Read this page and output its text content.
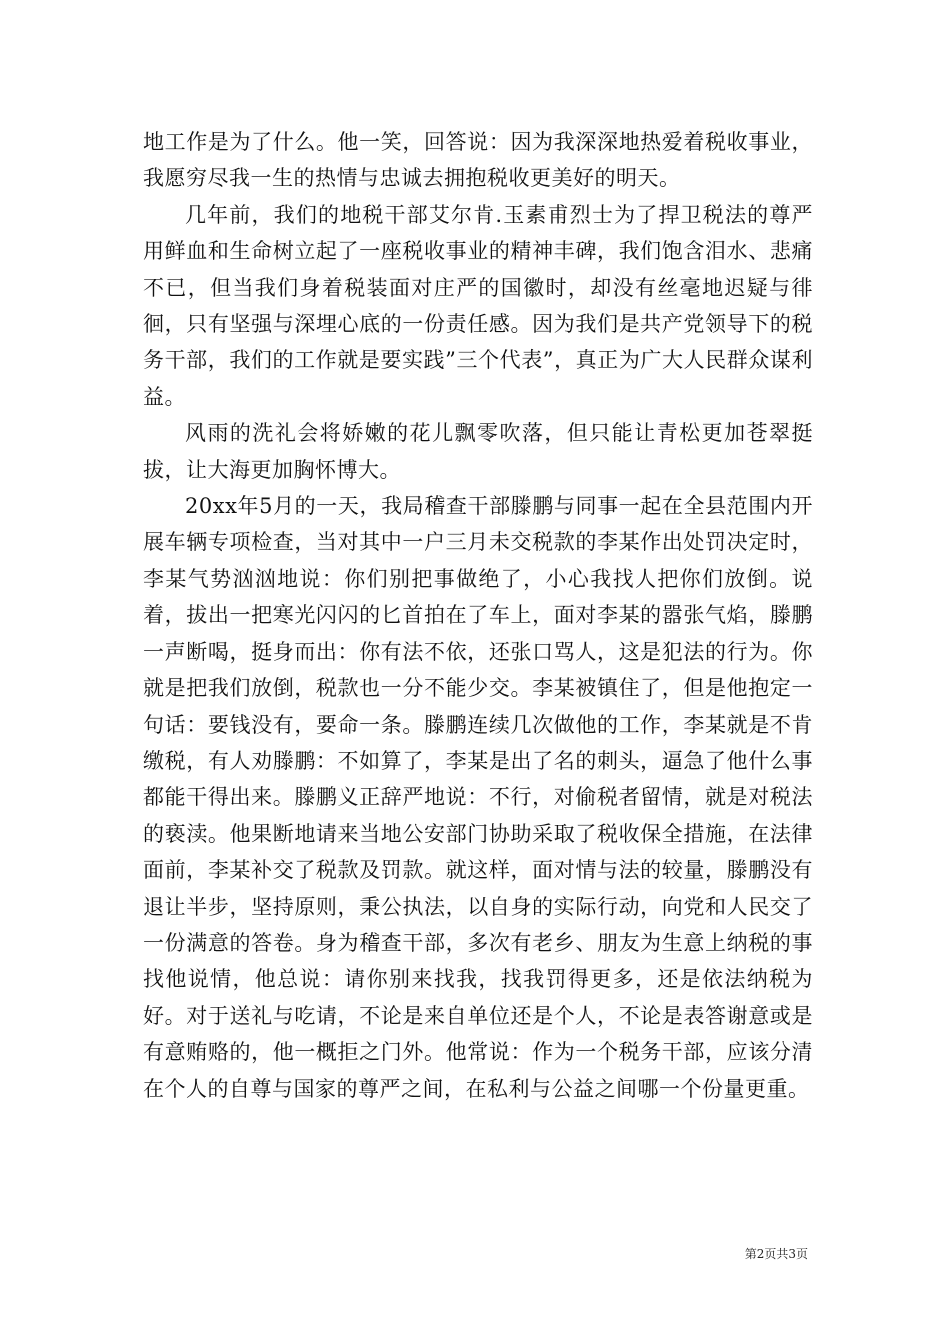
地工作是为了什么。他一笑，回答说：因为我深深地热爱着税收事业，我愿穷尽我一生的热情与忠诚去拥抱税收更美好的明天。

几年前，我们的地税干部艾尔肯.玉素甫烈士为了捍卫税法的尊严用鲜血和生命树立起了一座税收事业的精神丰碑，我们饱含泪水、悲痛不已，但当我们身着税装面对庄严的国徽时，却没有丝毫地迟疑与徘徊，只有坚强与深埋心底的一份责任感。因为我们是共产党领导下的税务干部，我们的工作就是要实践”三个代表”，真正为广大人民群众谋利益。

风雨的洗礼会将娇嫩的花儿飘零吹落，但只能让青松更加苍翠挺拔，让大海更加胸怀博大。

20xx年5月的一天，我局稽查干部滕鹏与同事一起在全县范围内开展车辆专项检查，当对其中一户三月未交税款的李某作出处罚决定时，李某气势汹汹地说：你们别把事做绝了，小心我找人把你们放倒。说着，拔出一把寒光闪闪的匕首拍在了车上，面对李某的嚣张气焰，滕鹏一声断喝，挺身而出：你有法不依，还张口骂人，这是犯法的行为。你就是把我们放倒，税款也一分不能少交。李某被镇住了，但是他抱定一句话：要钱没有，要命一条。滕鹏连续几次做他的工作，李某就是不肯缴税，有人劝滕鹏：不如算了，李某是出了名的刺头，逼急了他什么事都能干得出来。滕鹏义正辞严地说：不行，对偷税者留情，就是对税法的亵渎。他果断地请来当地公安部门协助采取了税收保全措施，在法律面前，李某补交了税款及罚款。就这样，面对情与法的较量，滕鹏没有退让半步，坚持原则，秉公执法，以自身的实际行动，向党和人民交了一份满意的答卷。身为稽查干部，多次有老乡、朋友为生意上纳税的事找他说情，他总说：请你别来找我，找我罚得更多，还是依法纳税为好。对于送礼与吃请，不论是来自单位还是个人，不论是表答谢意或是有意贿赂的，他一概拒之门外。他常说：作为一个税务干部，应该分清在个人的自尊与国家的尊严之间，在私利与公益之间哪一个份量更重。

第2页共3页
